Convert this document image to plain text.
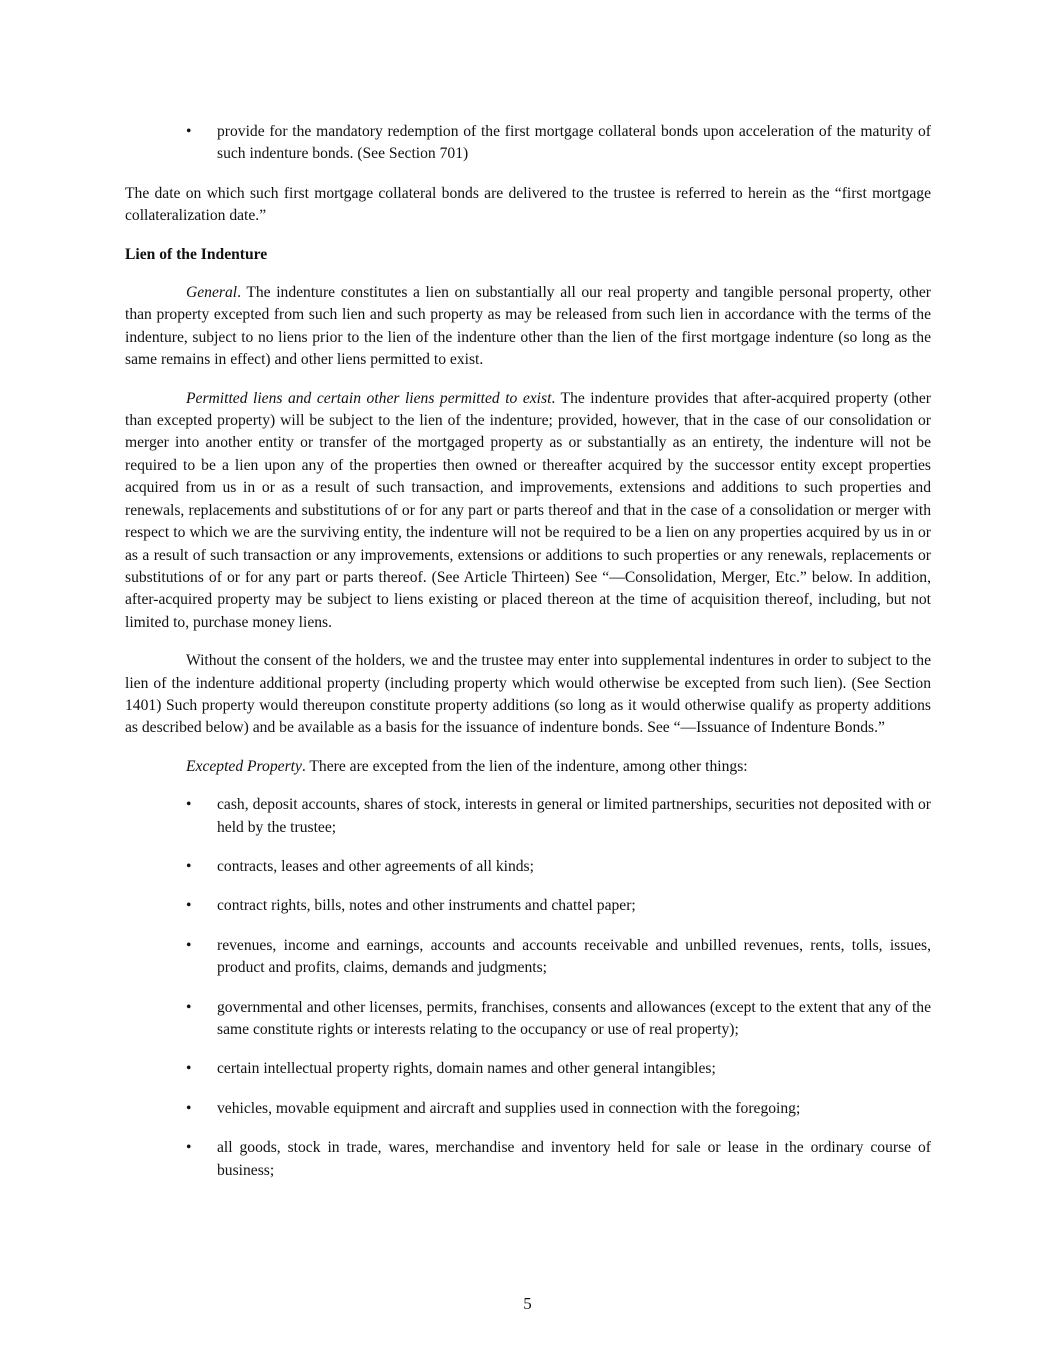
• provide for the mandatory redemption of the first mortgage collateral bonds upon acceleration of the maturity of such indenture bonds. (See Section 701)

The date on which such first mortgage collateral bonds are delivered to the trustee is referred to herein as the “first mortgage collateralization date.”

Lien of the Indenture

General. The indenture constitutes a lien on substantially all our real property and tangible personal property, other than property excepted from such lien and such property as may be released from such lien in accordance with the terms of the indenture, subject to no liens prior to the lien of the indenture other than the lien of the first mortgage indenture (so long as the same remains in effect) and other liens permitted to exist.

Permitted liens and certain other liens permitted to exist. The indenture provides that after-acquired property (other than excepted property) will be subject to the lien of the indenture; provided, however, that in the case of our consolidation or merger into another entity or transfer of the mortgaged property as or substantially as an entirety, the indenture will not be required to be a lien upon any of the properties then owned or thereafter acquired by the successor entity except properties acquired from us in or as a result of such transaction, and improvements, extensions and additions to such properties and renewals, replacements and substitutions of or for any part or parts thereof and that in the case of a consolidation or merger with respect to which we are the surviving entity, the indenture will not be required to be a lien on any properties acquired by us in or as a result of such transaction or any improvements, extensions or additions to such properties or any renewals, replacements or substitutions of or for any part or parts thereof. (See Article Thirteen) See “—Consolidation, Merger, Etc.” below. In addition, after-acquired property may be subject to liens existing or placed thereon at the time of acquisition thereof, including, but not limited to, purchase money liens.

Without the consent of the holders, we and the trustee may enter into supplemental indentures in order to subject to the lien of the indenture additional property (including property which would otherwise be excepted from such lien). (See Section 1401) Such property would thereupon constitute property additions (so long as it would otherwise qualify as property additions as described below) and be available as a basis for the issuance of indenture bonds. See “—Issuance of Indenture Bonds.”

Excepted Property. There are excepted from the lien of the indenture, among other things:

• cash, deposit accounts, shares of stock, interests in general or limited partnerships, securities not deposited with or held by the trustee;
• contracts, leases and other agreements of all kinds;
• contract rights, bills, notes and other instruments and chattel paper;
• revenues, income and earnings, accounts and accounts receivable and unbilled revenues, rents, tolls, issues, product and profits, claims, demands and judgments;
• governmental and other licenses, permits, franchises, consents and allowances (except to the extent that any of the same constitute rights or interests relating to the occupancy or use of real property);
• certain intellectual property rights, domain names and other general intangibles;
• vehicles, movable equipment and aircraft and supplies used in connection with the foregoing;
• all goods, stock in trade, wares, merchandise and inventory held for sale or lease in the ordinary course of business;
5
